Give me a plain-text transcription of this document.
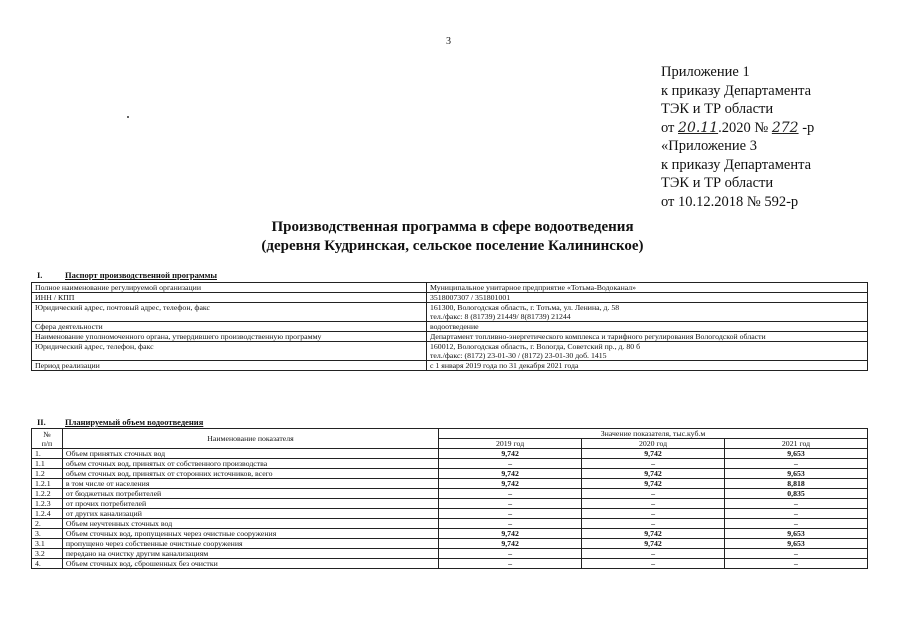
3
Приложение 1
к приказу Департамента
ТЭК и ТР области
от 20.11.2020 № 272 -р
«Приложение 3
к приказу Департамента
ТЭК и ТР области
от 10.12.2018 № 592-р
Производственная программа в сфере водоотведения
(деревня Кудринская, сельское поселение Калининское)
I.	Паспорт производственной программы
Полное наименование регулируемой организации	Муниципальное унитарное предприятие «Тотьма-Водоканал»
ИНН / КПП	3518007307 / 351801001
Юридический адрес, почтовый адрес, телефон, факс	161300, Вологодская область, г. Тотьма, ул. Ленина, д. 58
тел./факс: 8 (81739) 21449/ 8(81739) 21244
Сфера деятельности	водоотведение
Наименование уполномоченного органа, утвердившего производственную программу	Департамент топливно-энергетического комплекса и тарифного регулирования Вологодской области
Юридический адрес, телефон, факс	160012, Вологодская область, г. Вологда, Советский пр., д. 80 б
тел./факс: (8172) 23-01-30 / (8172) 23-01-30 доб. 1415
Период реализации	с 1 января 2019 года по 31 декабря 2021 года
II. Планируемый объем водоотведения
№
п/п	Наименование показателя	Значение показателя, тыс.куб.м		
		2019 год	2020 год	2021 год
1.	Объем принятых сточных вод	9,742	9,742	9,653
1.1	объем сточных вод, принятых от собственного производства	–	–	–
1.2	объем сточных вод, принятых от сторонних источников, всего	9,742	9,742	9,653
1.2.1	в том числе от населения	9,742	9,742	8,818
1.2.2	от бюджетных потребителей	–	–	0,835
1.2.3	от прочих потребителей	–	–	–
1.2.4	от других канализаций	–	–	–
2.	Объем неучтенных сточных вод	–	–	–
3.	Объем сточных вод, пропущенных через очистные сооружения	9,742	9,742	9,653
3.1	пропущено через собственные очистные сооружения	9,742	9,742	9,653
3.2	передано на очистку другим канализациям	–	–	–
4.	Объем сточных вод, сброшенных без очистки	–	–	–
